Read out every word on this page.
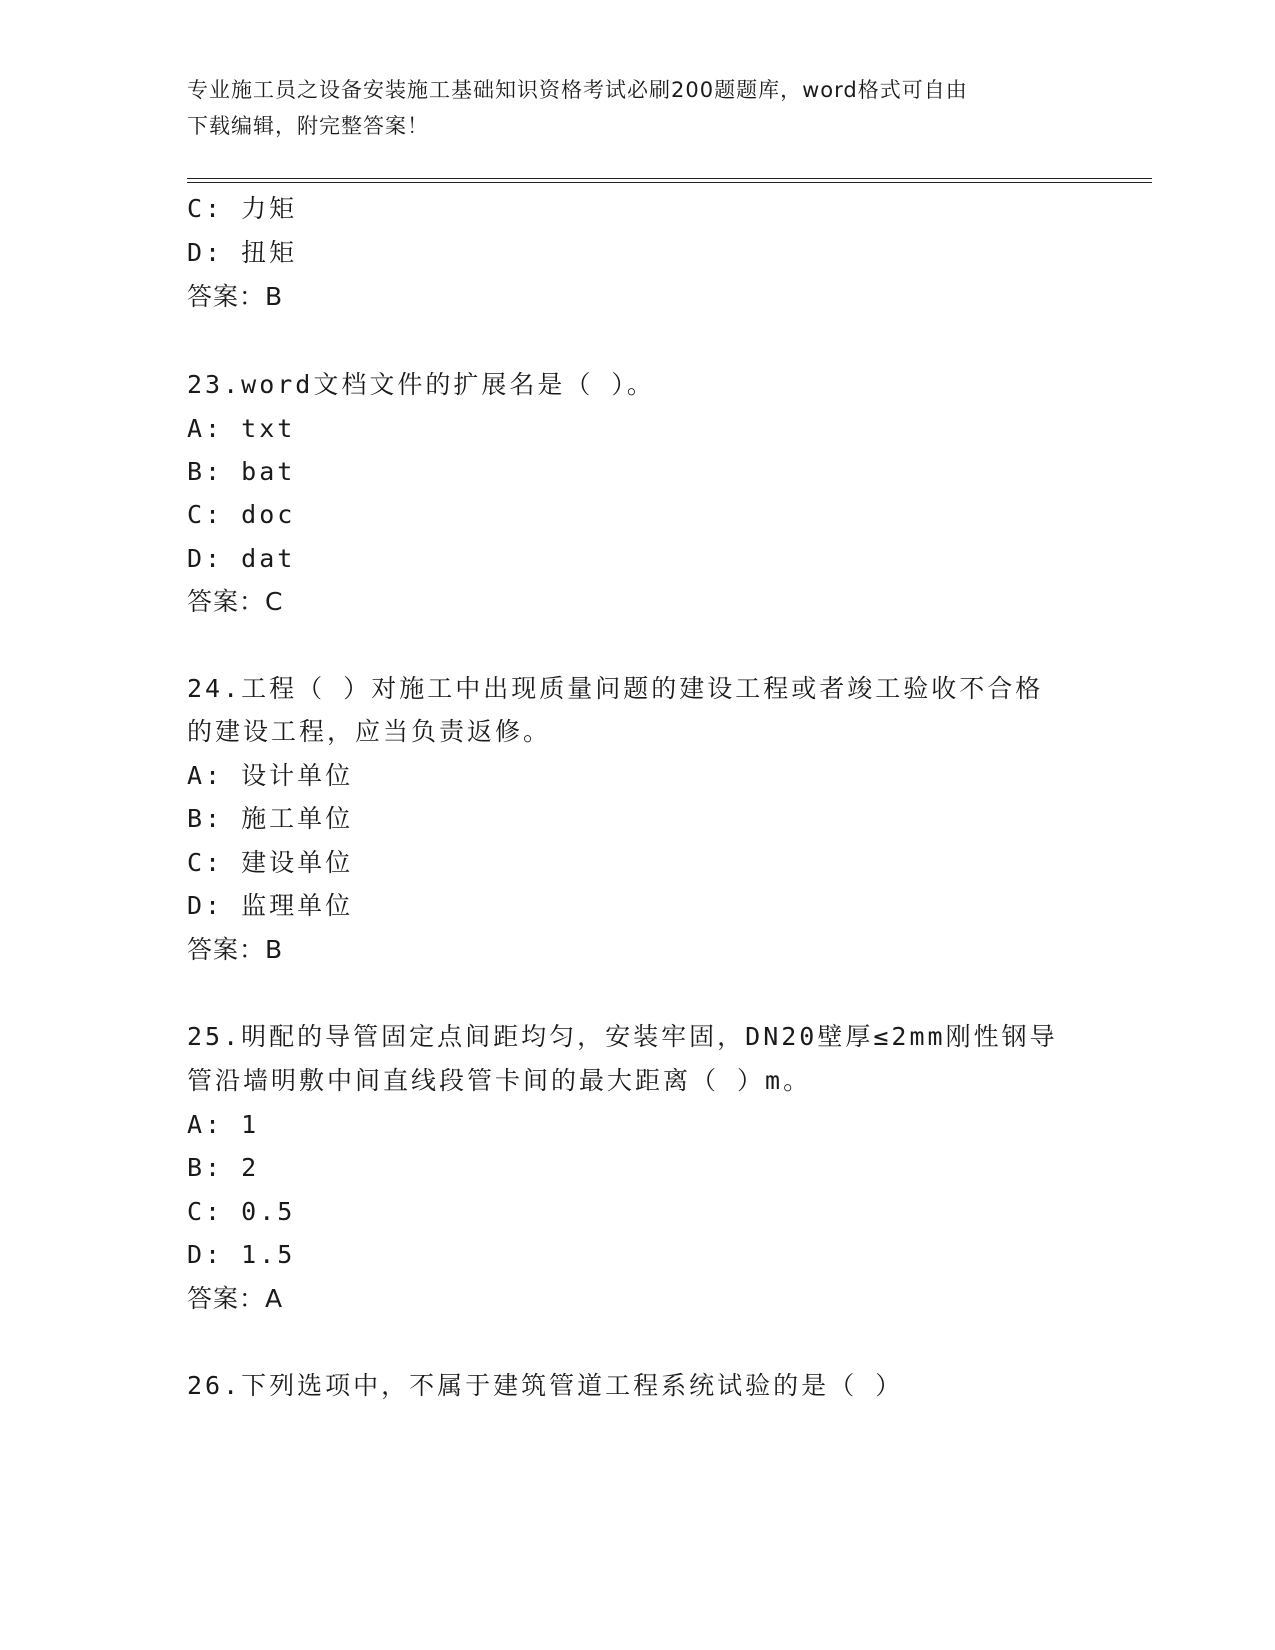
专业施工员之设备安装施工基础知识资格考试必刷200题题库，word格式可自由
下载编辑，附完整答案！
C: 力矩
D: 扭矩
答案：B
23.word文档文件的扩展名是（ ）。
A: txt
B: bat
C: doc
D: dat
答案：C
24.工程（ ）对施工中出现质量问题的建设工程或者竣工验收不合格
的建设工程，应当负责返修。
A: 设计单位
B: 施工单位
C: 建设单位
D: 监理单位
答案：B
25.明配的导管固定点间距均匀，安装牢固，DN20壁厚≤2mm刚性钢导
管沿墙明敷中间直线段管卡间的最大距离（ ）m。
A: 1
B: 2
C: 0.5
D: 1.5
答案：A
26.下列选项中，不属于建筑管道工程系统试验的是（ ）
